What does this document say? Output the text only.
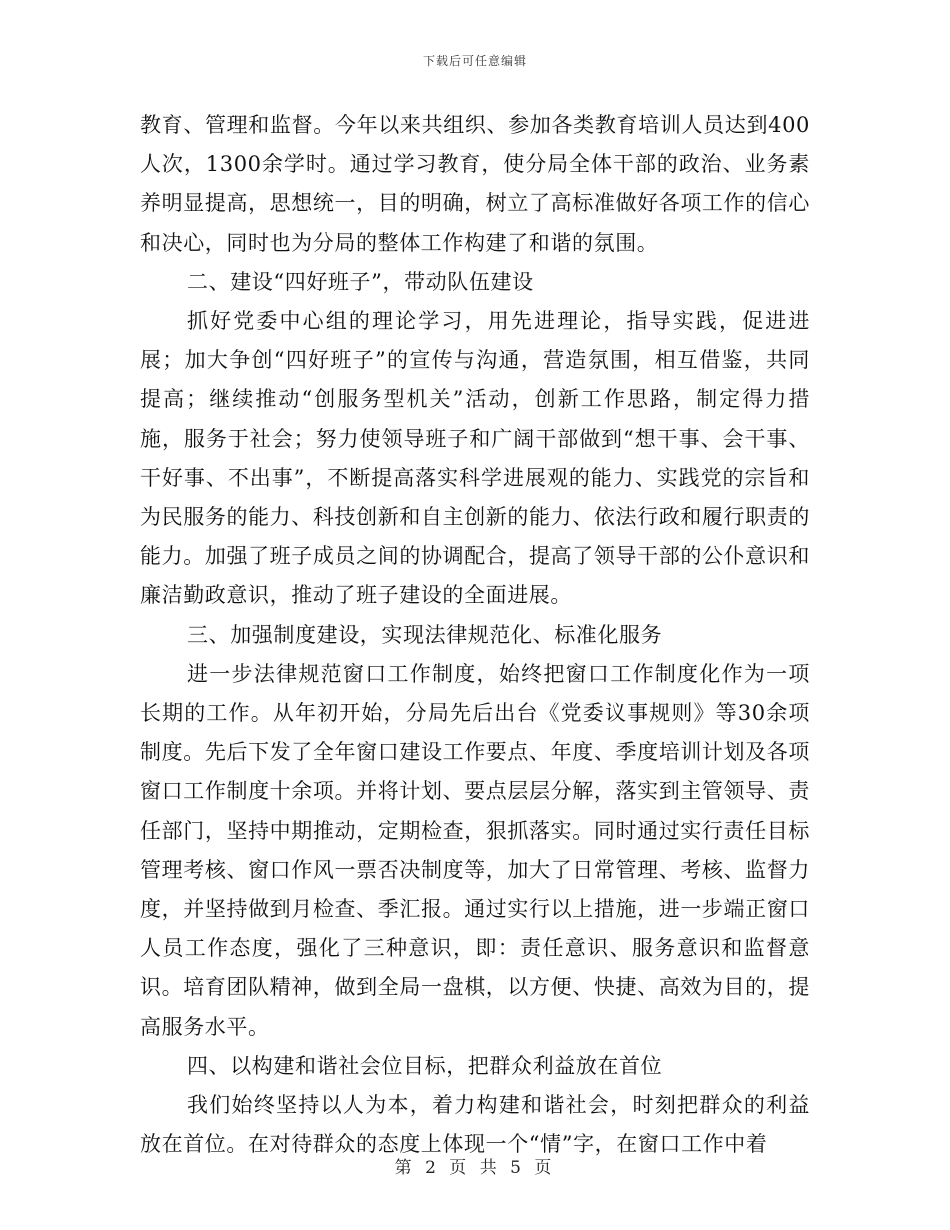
下载后可任意编辑

教育、管理和监督。今年以来共组织、参加各类教育培训人员达到400人次，1300余学时。通过学习教育，使分局全体干部的政治、业务素养明显提高，思想统一，目的明确，树立了高标准做好各项工作的信心和决心，同时也为分局的整体工作构建了和谐的氛围。

二、建设“四好班子”，带动队伍建设

抓好党委中心组的理论学习，用先进理论，指导实践，促进进展；加大争创“四好班子”的宣传与沟通，营造氛围，相互借鉴，共同提高；继续推动“创服务型机关”活动，创新工作思路，制定得力措施，服务于社会；努力使领导班子和广阔干部做到“想干事、会干事、干好事、不出事”，不断提高落实科学进展观的能力、实践党的宗旨和为民服务的能力、科技创新和自主创新的能力、依法行政和履行职责的能力。加强了班子成员之间的协调配合，提高了领导干部的公仆意识和廉洁勤政意识，推动了班子建设的全面进展。

三、加强制度建设，实现法律规范化、标准化服务

进一步法律规范窗口工作制度，始终把窗口工作制度化作为一项长期的工作。从年初开始，分局先后出台《党委议事规则》等30余项制度。先后下发了全年窗口建设工作要点、年度、季度培训计划及各项窗口工作制度十余项。并将计划、要点层层分解，落实到主管领导、责任部门，坚持中期推动，定期检查，狠抓落实。同时通过实行责任目标管理考核、窗口作风一票否决制度等，加大了日常管理、考核、监督力度，并坚持做到月检查、季汇报。通过实行以上措施，进一步端正窗口人员工作态度，强化了三种意识，即：责任意识、服务意识和监督意识。培育团队精神，做到全局一盘棋，以方便、快捷、高效为目的，提高服务水平。

四、以构建和谐社会位目标，把群众利益放在首位

我们始终坚持以人为本，着力构建和谐社会，时刻把群众的利益放在首位。在对待群众的态度上体现一个“情”字，在窗口工作中着

第 2 页 共 5 页
